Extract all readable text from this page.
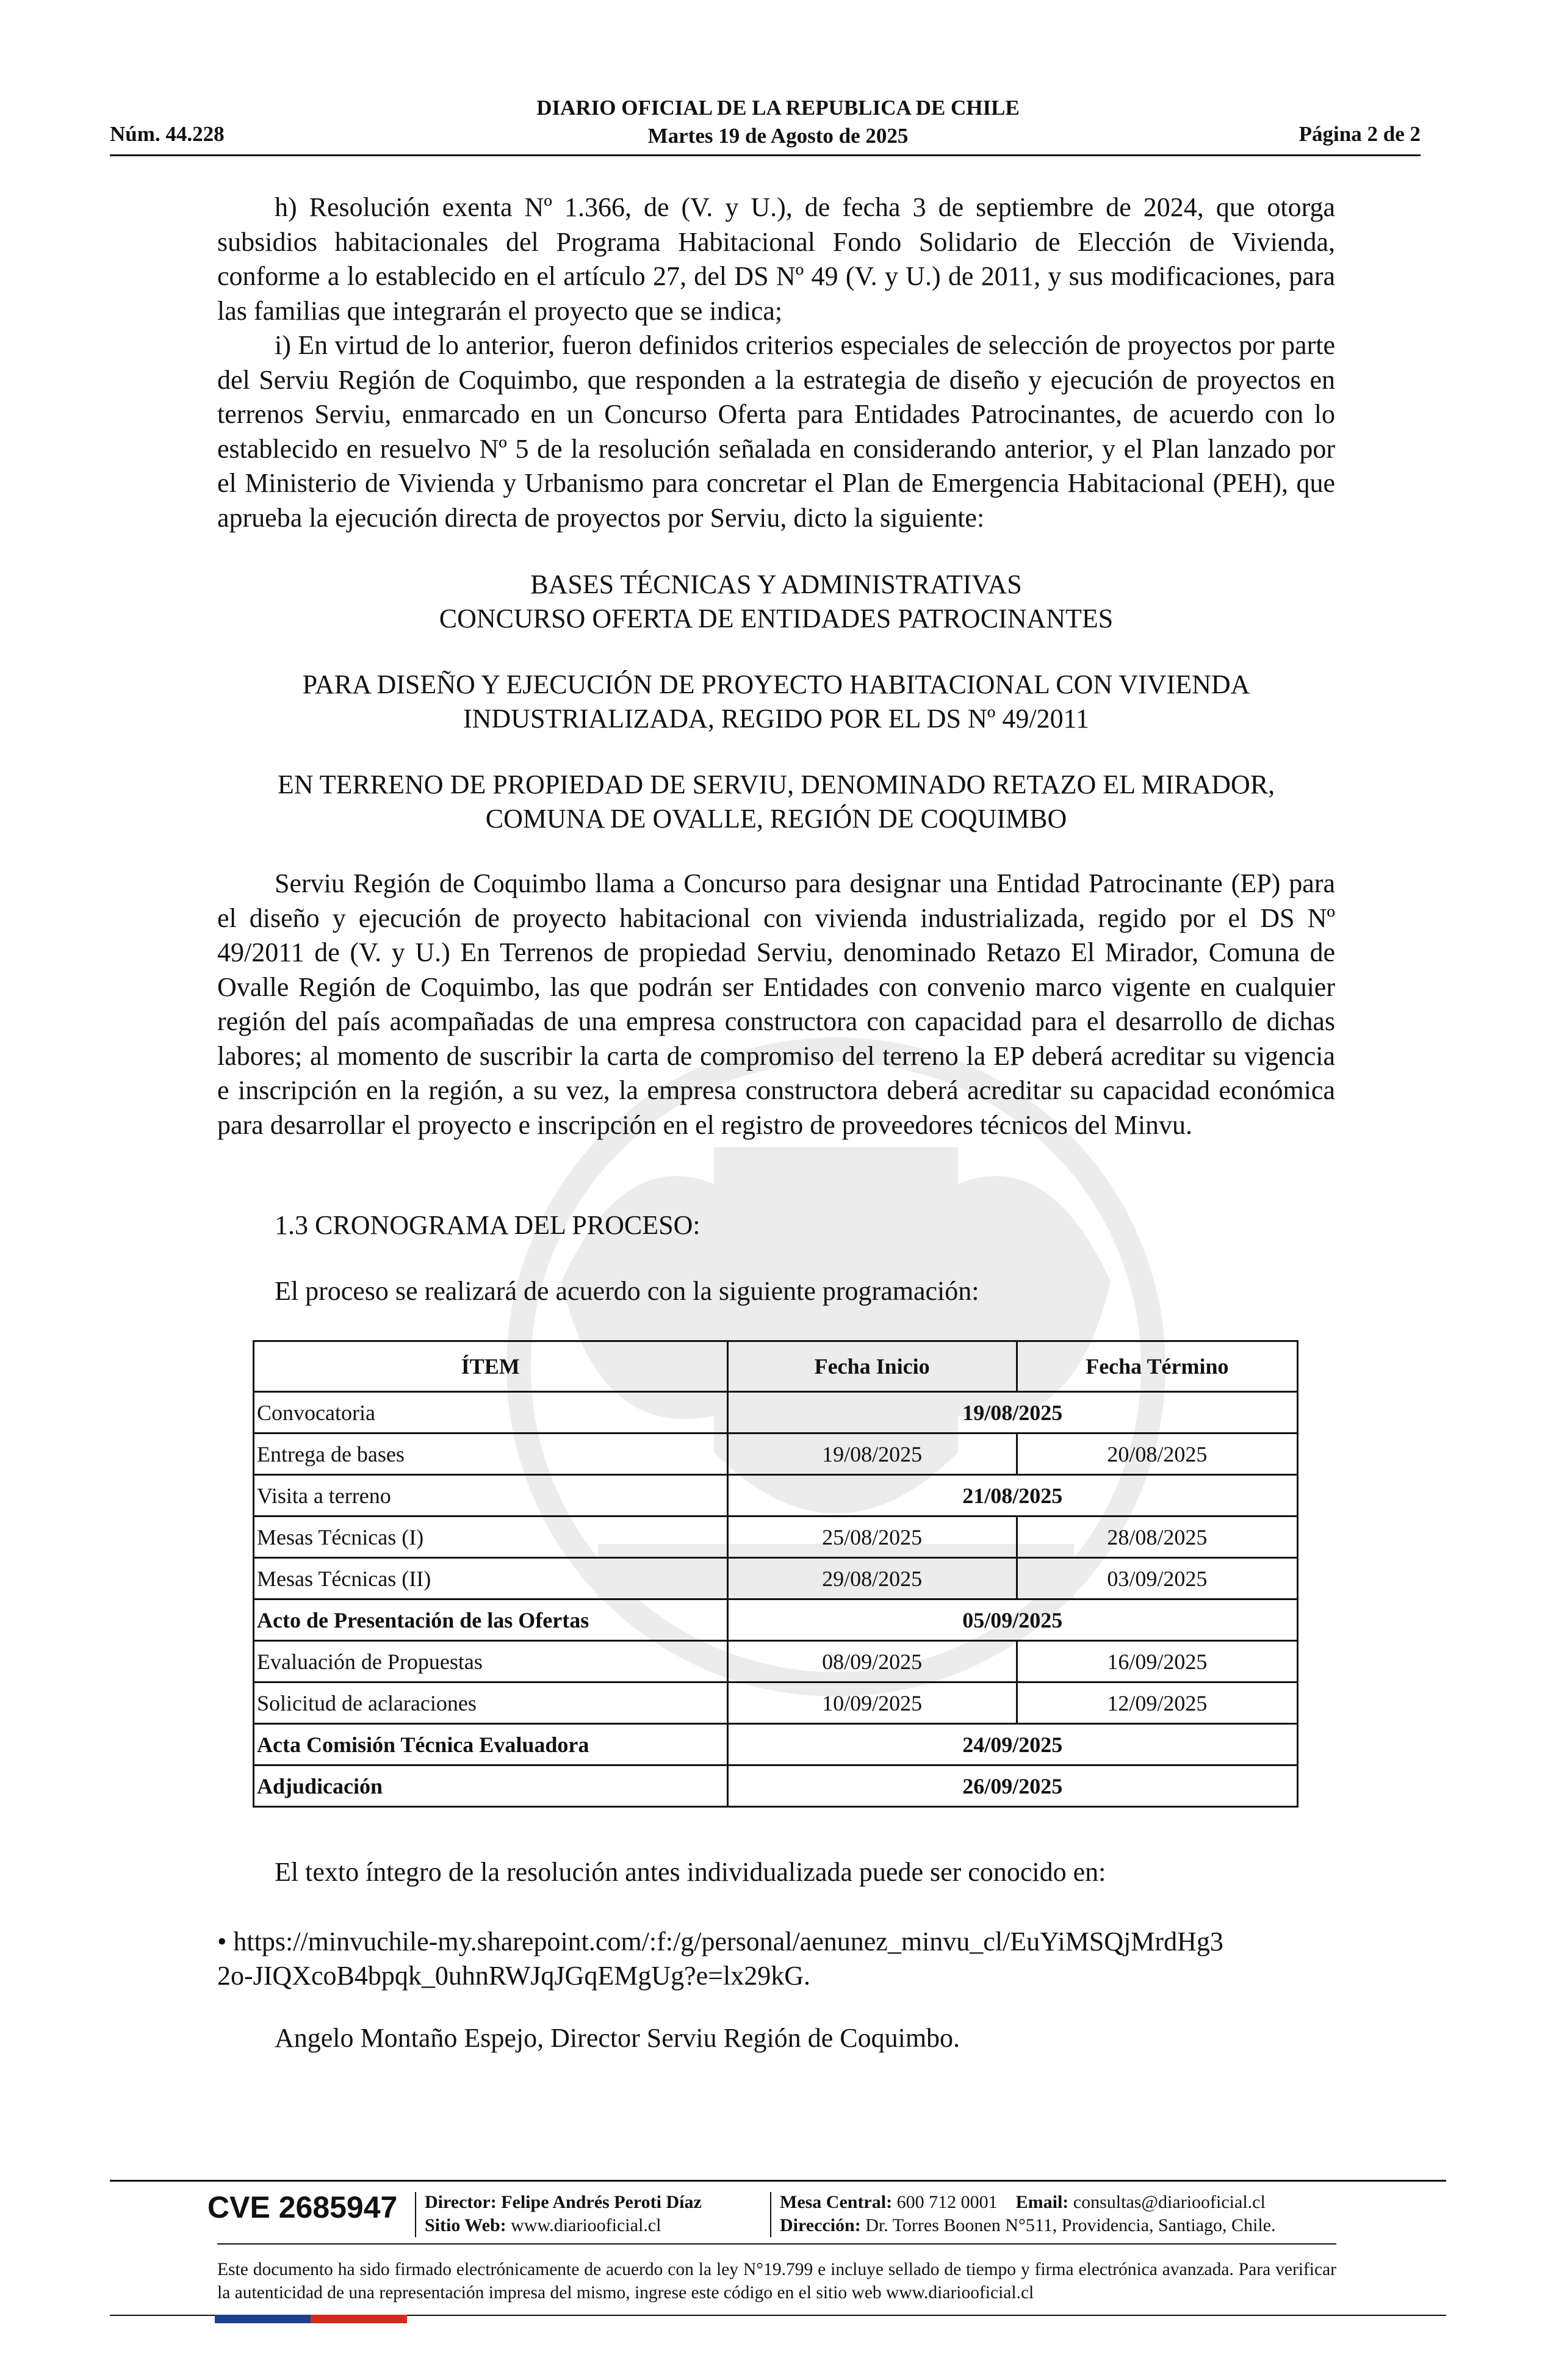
DIARIO OFICIAL DE LA REPUBLICA DE CHILE
Martes 19 de Agosto de 2025
Núm. 44.228	Página 2 de 2

h) Resolución exenta Nº 1.366, de (V. y U.), de fecha 3 de septiembre de 2024, que otorga subsidios habitacionales del Programa Habitacional Fondo Solidario de Elección de Vivienda, conforme a lo establecido en el artículo 27, del DS Nº 49 (V. y U.) de 2011, y sus modificaciones, para las familias que integrarán el proyecto que se indica;

i) En virtud de lo anterior, fueron definidos criterios especiales de selección de proyectos por parte del Serviu Región de Coquimbo, que responden a la estrategia de diseño y ejecución de proyectos en terrenos Serviu, enmarcado en un Concurso Oferta para Entidades Patrocinantes, de acuerdo con lo establecido en resuelvo Nº 5 de la resolución señalada en considerando anterior, y el Plan lanzado por el Ministerio de Vivienda y Urbanismo para concretar el Plan de Emergencia Habitacional (PEH), que aprueba la ejecución directa de proyectos por Serviu, dicto la siguiente:

BASES TÉCNICAS Y ADMINISTRATIVAS
CONCURSO OFERTA DE ENTIDADES PATROCINANTES
PARA DISEÑO Y EJECUCIÓN DE PROYECTO HABITACIONAL CON VIVIENDA
INDUSTRIALIZADA, REGIDO POR EL DS Nº 49/2011
EN TERRENO DE PROPIEDAD DE SERVIU, DENOMINADO RETAZO EL MIRADOR,
COMUNA DE OVALLE, REGIÓN DE COQUIMBO

Serviu Región de Coquimbo llama a Concurso para designar una Entidad Patrocinante (EP) para el diseño y ejecución de proyecto habitacional con vivienda industrializada, regido por el DS Nº 49/2011 de (V. y U.) En Terrenos de propiedad Serviu, denominado Retazo El Mirador, Comuna de Ovalle Región de Coquimbo, las que podrán ser Entidades con convenio marco vigente en cualquier región del país acompañadas de una empresa constructora con capacidad para el desarrollo de dichas labores; al momento de suscribir la carta de compromiso del terreno la EP deberá acreditar su vigencia e inscripción en la región, a su vez, la empresa constructora deberá acreditar su capacidad económica para desarrollar el proyecto e inscripción en el registro de proveedores técnicos del Minvu.

1.3 CRONOGRAMA DEL PROCESO:
El proceso se realizará de acuerdo con la siguiente programación:
ÍTEM	Fecha Inicio	Fecha Término
Convocatoria	19/08/2025	
Entrega de bases	19/08/2025	20/08/2025
Visita a terreno	21/08/2025	
Mesas Técnicas (I)	25/08/2025	28/08/2025
Mesas Técnicas (II)	29/08/2025	03/09/2025
Acto de Presentación de las Ofertas	05/09/2025	
Evaluación de Propuestas	08/09/2025	16/09/2025
Solicitud de aclaraciones	10/09/2025	12/09/2025
Acta Comisión Técnica Evaluadora	24/09/2025	
Adjudicación	26/09/2025	
El texto íntegro de la resolución antes individualizada puede ser conocido en:
• https://minvuchile-my.sharepoint.com/:f:/g/personal/aenunez_minvu_cl/EuYiMSQjMrdHg3
2o-JIQXcoB4bpqk_0uhnRWJqJGqEMgUg?e=lx29kG.
Angelo Montaño Espejo, Director Serviu Región de Coquimbo.
CVE 2685947 Director: Felipe Andrés Peroti Díaz
Sitio Web: www.diariooficial.cl
Mesa Central: 600 712 0001 Email: consultas@diariooficial.cl
Dirección: Dr. Torres Boonen N°511, Providencia, Santiago, Chile.
Este documento ha sido firmado electrónicamente de acuerdo con la ley N°19.799 e incluye sellado de tiempo y firma electrónica avanzada. Para verificar la autenticidad de una representación impresa del mismo, ingrese este código en el sitio web www.diariooficial.cl
